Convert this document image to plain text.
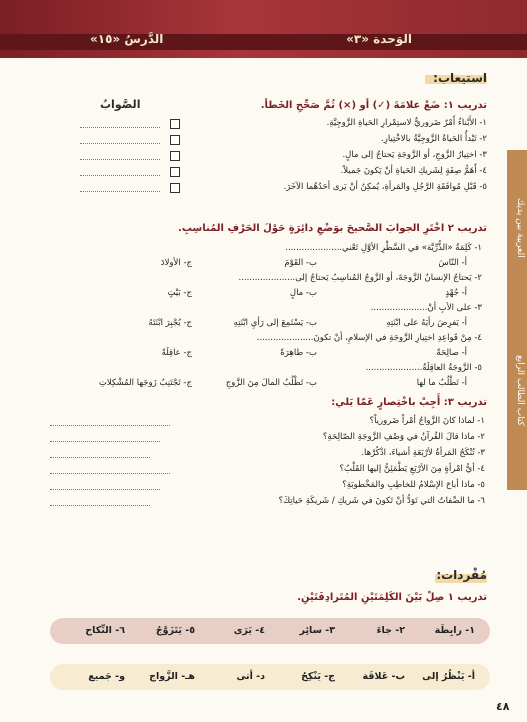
الوَحدة «٣»
الدَّرسُ «١٥»
العربية بين يديك
كتاب الطالب الرابع
استيعاب:
تدريب ١: ضَعْ علامَةَ (✓) أو (×) ثُمَّ صَحِّحِ الخَطأ.
الصَّوابُ
١- الأَبْناءُ أَمْرٌ ضَروريٌّ لاستِمْرارِ الحَياةِ الزَّوجِيَّةِ.
٢- تَبْدأُ الحَياةُ الزَّوجِيَّةُ بالاخْتِيارِ.
٣- اختِيارُ الزَّوجِ، أو الزَّوجَةِ يَحتاجُ إلى مالٍ.
٤- أَهَمُّ صِفَةٍ لِشَريكِ الحَياةِ أنْ يَكونَ جَميلاً.
٥- قَبْلِ مُوافَقَةِ الرَّجُلِ والمَرأةِ، يُمكِنُ أنْ يَرى أحَدُهُما الآخَرَ.
تدريب ٢ اخْتَرِ الجوابَ الصَّحيحَ بوَضْعِ دائِرَةٍ حَوْلَ الحَرْفِ المُناسِبِ.
١- كَلِمَةُ «الذُّرِّيَّة» في السَّطْرِ الأوَّلِ تَعْني.....................
أ- النّاسَ
ب- القَوْمَ
ج- الأولادَ
٢- يَحتاجُ الإنسانُ الزَّوجَةَ، أو الزَّوجُ المُناسِبُ يَحتاجُ إلى.....................
أ- جُهْدٍ
ب- مالٍ
ج- بَيْتٍ
٣- على الأبِ أنْ.....................
أ- يَفرِضَ رأيَهُ على ابْنَتِهِ
ب- يَسْتَمِعَ إلى رَأيِ ابْنَتِهِ
ج- يُجْبِرَ ابْنَتَهُ
٤- مِنْ قَواعِدِ اختِيارِ الزَّوجَةِ في الإسلامِ، أنْ تكونَ.....................
أ- صالِحَةً
ب- طاهِرَةً
ج- عاقِلَةً
٥- الزَّوجَةُ العاقِلَةُ.....................
أ- تَطْلُبُ ما لها
ب- تَطْلُبُ المالَ مِنَ الزَّوجِ
ج- تَجْتَنِبُ زَوجَها المُشْكِلاتِ
تدريب ٣: أَجِبْ باخْتِصارٍ عَمّا يَلي:
١- لماذا كانَ الزَّواجُ أمْراً ضَرورياً؟
٢- ماذا قالَ القُرآنُ في وَصْفِ الزَّوجَةِ الصّالِحَةِ؟
٣- تُنْكَحُ المَرأةُ لأرْبَعَةِ أشياءَ، اذْكُرْها.
٤- أيُّ امْرأةٍ مِنَ الأرْبَعِ يَطْمَئِنُّ إليها القَلْبُ؟
٥- ماذا أباحَ الإسْلامُ للخاطِبِ والمَخْطوبَةِ؟
٦- ما الصِّفاتُ التي تَوَدُّ أنْ تَكونَ في شَريكِ / شَريكَةِ حَياتِكَ؟
مُفْردات:
تدريب ١ صِلْ بَيْنَ الكَلِمَتَيْنِ المُتَرادِفَتَيْنِ.
١- رابِطَة
٢- جاءَ
٣- سائِر
٤- يَرَى
٥- يَتَزَوَّجُ
٦- النِّكاح
أ- يَنْظُرُ إلى
ب- عَلاقَة
ج- يَنْكِحُ
د- أتى
هـ- الزَّواج
و- جَميع
٤٨
